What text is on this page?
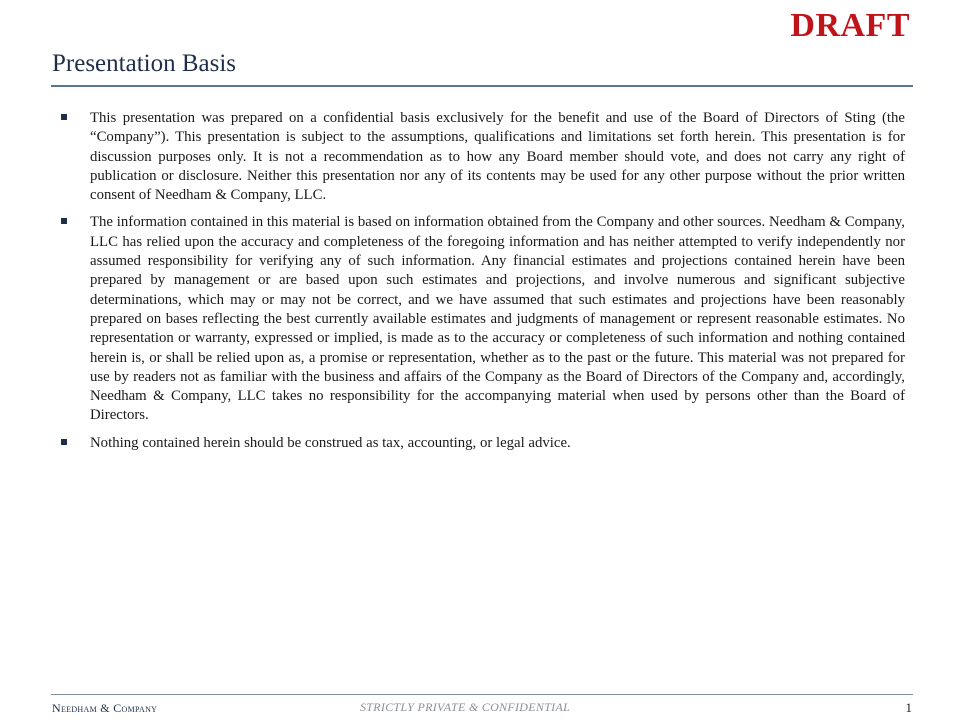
DRAFT
Presentation Basis
This presentation was prepared on a confidential basis exclusively for the benefit and use of the Board of Directors of Sting (the “Company”). This presentation is subject to the assumptions, qualifications and limitations set forth herein. This presentation is for discussion purposes only. It is not a recommendation as to how any Board member should vote, and does not carry any right of publication or disclosure. Neither this presentation nor any of its contents may be used for any other purpose without the prior written consent of Needham & Company, LLC.
The information contained in this material is based on information obtained from the Company and other sources. Needham & Company, LLC has relied upon the accuracy and completeness of the foregoing information and has neither attempted to verify independently nor assumed responsibility for verifying any of such information. Any financial estimates and projections contained herein have been prepared by management or are based upon such estimates and projections, and involve numerous and significant subjective determinations, which may or may not be correct, and we have assumed that such estimates and projections have been reasonably prepared on bases reflecting the best currently available estimates and judgments of management or represent reasonable estimates. No representation or warranty, expressed or implied, is made as to the accuracy or completeness of such information and nothing contained herein is, or shall be relied upon as, a promise or representation, whether as to the past or the future. This material was not prepared for use by readers not as familiar with the business and affairs of the Company as the Board of Directors of the Company and, accordingly, Needham & Company, LLC takes no responsibility for the accompanying material when used by persons other than the Board of Directors.
Nothing contained herein should be construed as tax, accounting, or legal advice.
Needham & Company	STRICTLY PRIVATE & CONFIDENTIAL	1
